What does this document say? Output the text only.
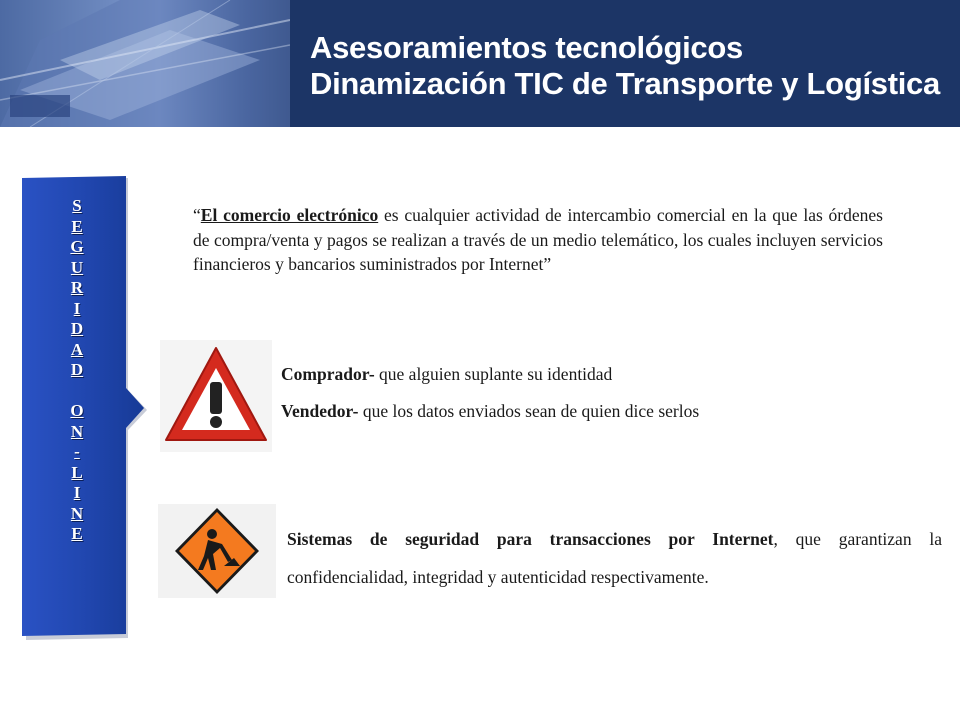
Asesoramientos tecnológicos
Dinamización TIC de Transporte y Logística
S
E
G
U
R
I
D
A
D
O
N
-
L
I
N
E
“El comercio electrónico es cualquier actividad de intercambio comercial en la que las órdenes de compra/venta y pagos se realizan a través de un medio telemático, los cuales incluyen servicios financieros y bancarios suministrados por Internet”

Comprador- que alguien suplante su identidad

Vendedor- que los datos enviados sean de quien dice serlos

Sistemas de seguridad para transacciones por Internet, que garantizan la confidencialidad, integridad y autenticidad respectivamente.
